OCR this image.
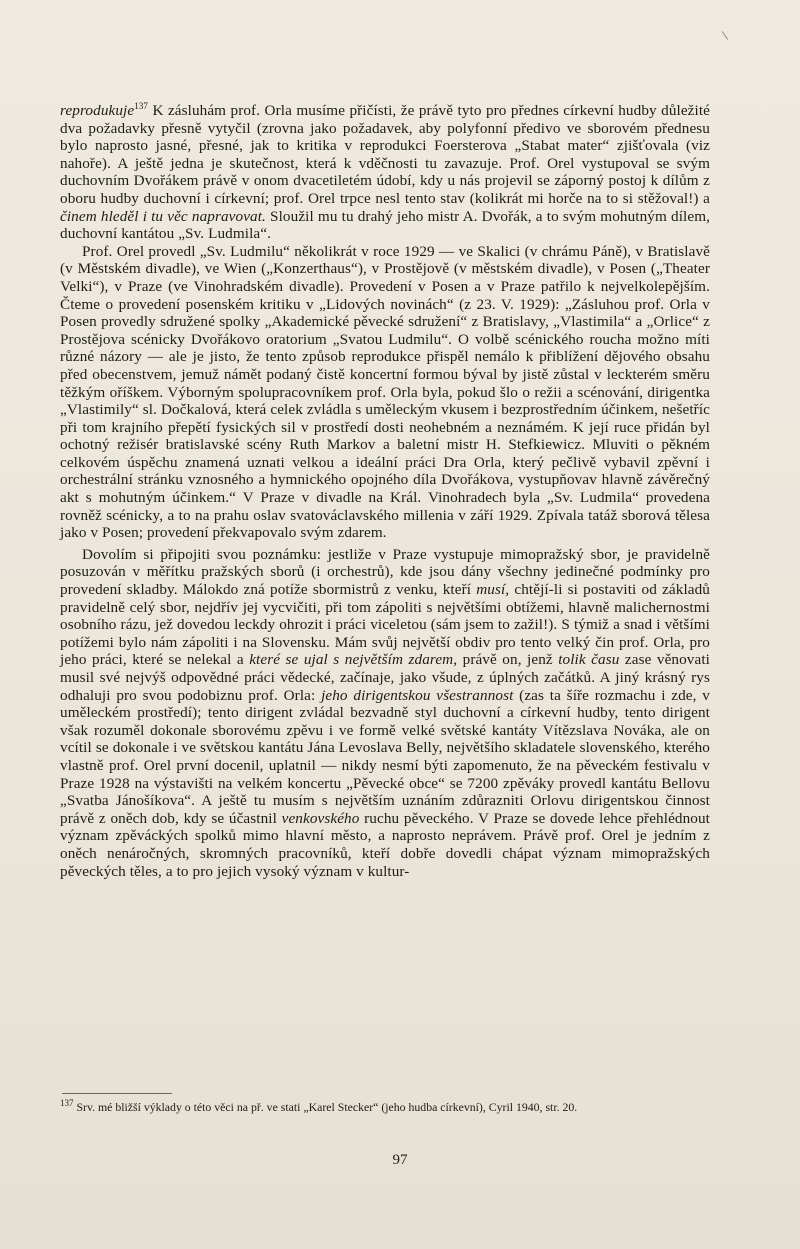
reprodukuje$^{137}$ K zásluhám prof. Orla musíme přičísti, že právě tyto pro přednes církevní hudby důležité dva požadavky přesně vytyčil (zrovna jako požadavek, aby polyfonní předivo ve sborovém přednesu bylo naprosto jasné, přesné, jak to kritika v reprodukci Foersterova „Stabat mater“ zjišťovala (viz nahoře). A ještě jedna je skutečnost, která k vděčnosti tu zavazuje. Prof. Orel vystupoval se svým duchovním Dvořákem právě v onom dvacetiletém údobí, kdy u nás projevil se záporný postoj k dílům z oboru hudby duchovní i církevní; prof. Orel trpce nesl tento stav (kolikrát mi horče na to si stěžoval!) a činem hleděl i tu věc napravovat. Sloužil mu tu drahý jeho mistr A. Dvořák, a to svým mohutným dílem, duchovní kantátou „Sv. Ludmila“.

Prof. Orel provedl „Sv. Ludmilu“ několikrát v roce 1929 — ve Skalici (v chrámu Páně), v Bratislavě (v Městském divadle), ve Wien („Konzerthaus“), v Prostějově (v městském divadle), v Posen („Theater Velki“), v Praze (ve Vinohradském divadle). Provedení v Posen a v Praze patřilo k nejvelkolepějším. Čteme o provedení posenském kritiku v „Lidových novinách“ (z 23. V. 1929): „Zásluhou prof. Orla v Posen provedly sdružené spolky „Akademické pěvecké sdružení“ z Bratislavy, „Vlastimila“ a „Orlice“ z Prostějova scénicky Dvořákovo oratorium „Svatou Ludmilu“. O volbě scénického roucha možno míti různé názory — ale je jisto, že tento způsob reprodukce přispěl nemálo k přiblížení dějového obsahu před obecenstvem, jemuž námět podaný čistě koncertní formou býval by jistě zůstal v leckterém směru těžkým oříškem. Výborným spolupracovníkem prof. Orla byla, pokud šlo o režii a scénování, dirigentka „Vlastimily“ sl. Dočkalová, která celek zvládla s uměleckým vkusem i bezprostředním účinkem, nešetříc při tom krajního přepětí fysických sil v prostředí dosti neohebném a neznámém. K její ruce přidán byl ochotný režisér bratislavské scény Ruth Markov a baletní mistr H. Stefkiewicz. Mluviti o pěkném celkovém úspěchu znamená uznati velkou a ideální práci Dra Orla, který pečlivě vybavil zpěvní i orchestrální stránku vznosného a hymnického opojného díla Dvořákova, vystupňovav hlavně závěrečný akt s mohutným účinkem.“ V Praze v divadle na Král. Vinohradech byla „Sv. Ludmila“ provedena rovněž scénicky, a to na prahu oslav svatováclavského millenia v září 1929. Zpívala tatáž sborová tělesa jako v Posen; provedení překvapovalo svým zdarem.

Dovolím si připojiti svou poznámku: jestliže v Praze vystupuje mimopražský sbor, je pravidelně posuzován v měřítku pražských sborů (i orchestrů), kde jsou dány všechny jedinečné podmínky pro provedení skladby. Málokdo zná potíže sbormistrů z venku, kteří musí, chtějí-li si postaviti od základů pravidelně celý sbor, nejdřív jej vycvičiti, při tom zápoliti s největšími obtížemi, hlavně malichernostmi osobního rázu, jež dovedou leckdy ohrozit i práci viceletou (sám jsem to zažil!). S týmiž a snad i většími potížemi bylo nám zápoliti i na Slovensku. Mám svůj největší obdiv pro tento velký čin prof. Orla, pro jeho práci, které se nelekal a které se ujal s největším zdarem, právě on, jenž tolik času zase věnovati musil své nejvýš odpovědné práci vědecké, začínaje, jako všude, z úplných začátků. A jiný krásný rys odhaluji pro svou podobiznu prof. Orla: jeho dirigentskou všestrannost (zas ta šíře rozmachu i zde, v uměleckém prostředí); tento dirigent zvládal bezvadně styl duchovní a církevní hudby, tento dirigent však rozuměl dokonale sborovému zpěvu i ve formě velké světské kantáty Vítězslava Nováka, ale on vcítil se dokonale i ve světskou kantátu Jána Levoslava Belly, největšího skladatele slovenského, kterého vlastně prof. Orel první docenil, uplatnil — nikdy nesmí býti zapomenuto, že na pěveckém festivalu v Praze 1928 na výstavišti na velkém koncertu „Pěvecké obce“ se 7200 zpěváky provedl kantátu Bellovu „Svatba Jánošíkova“. A ještě tu musím s největším uznáním zdůrazniti Orlovu dirigentskou činnost právě z oněch dob, kdy se účastnil venkovského ruchu pěveckého. V Praze se dovede lehce přehlédnout význam zpěváckých spolků mimo hlavní město, a naprosto neprávem. Právě prof. Orel je jedním z oněch nenáročných, skromných pracovníků, kteří dobře dovedli chápat význam mimopražských pěveckých těles, a to pro jejich vysoký význam v kultur-

$^{137}$ Srv. mé bližší výklady o této věci na př. ve stati „Karel Stecker“ (jeho hudba církevní), Cyril 1940, str. 20.
97
